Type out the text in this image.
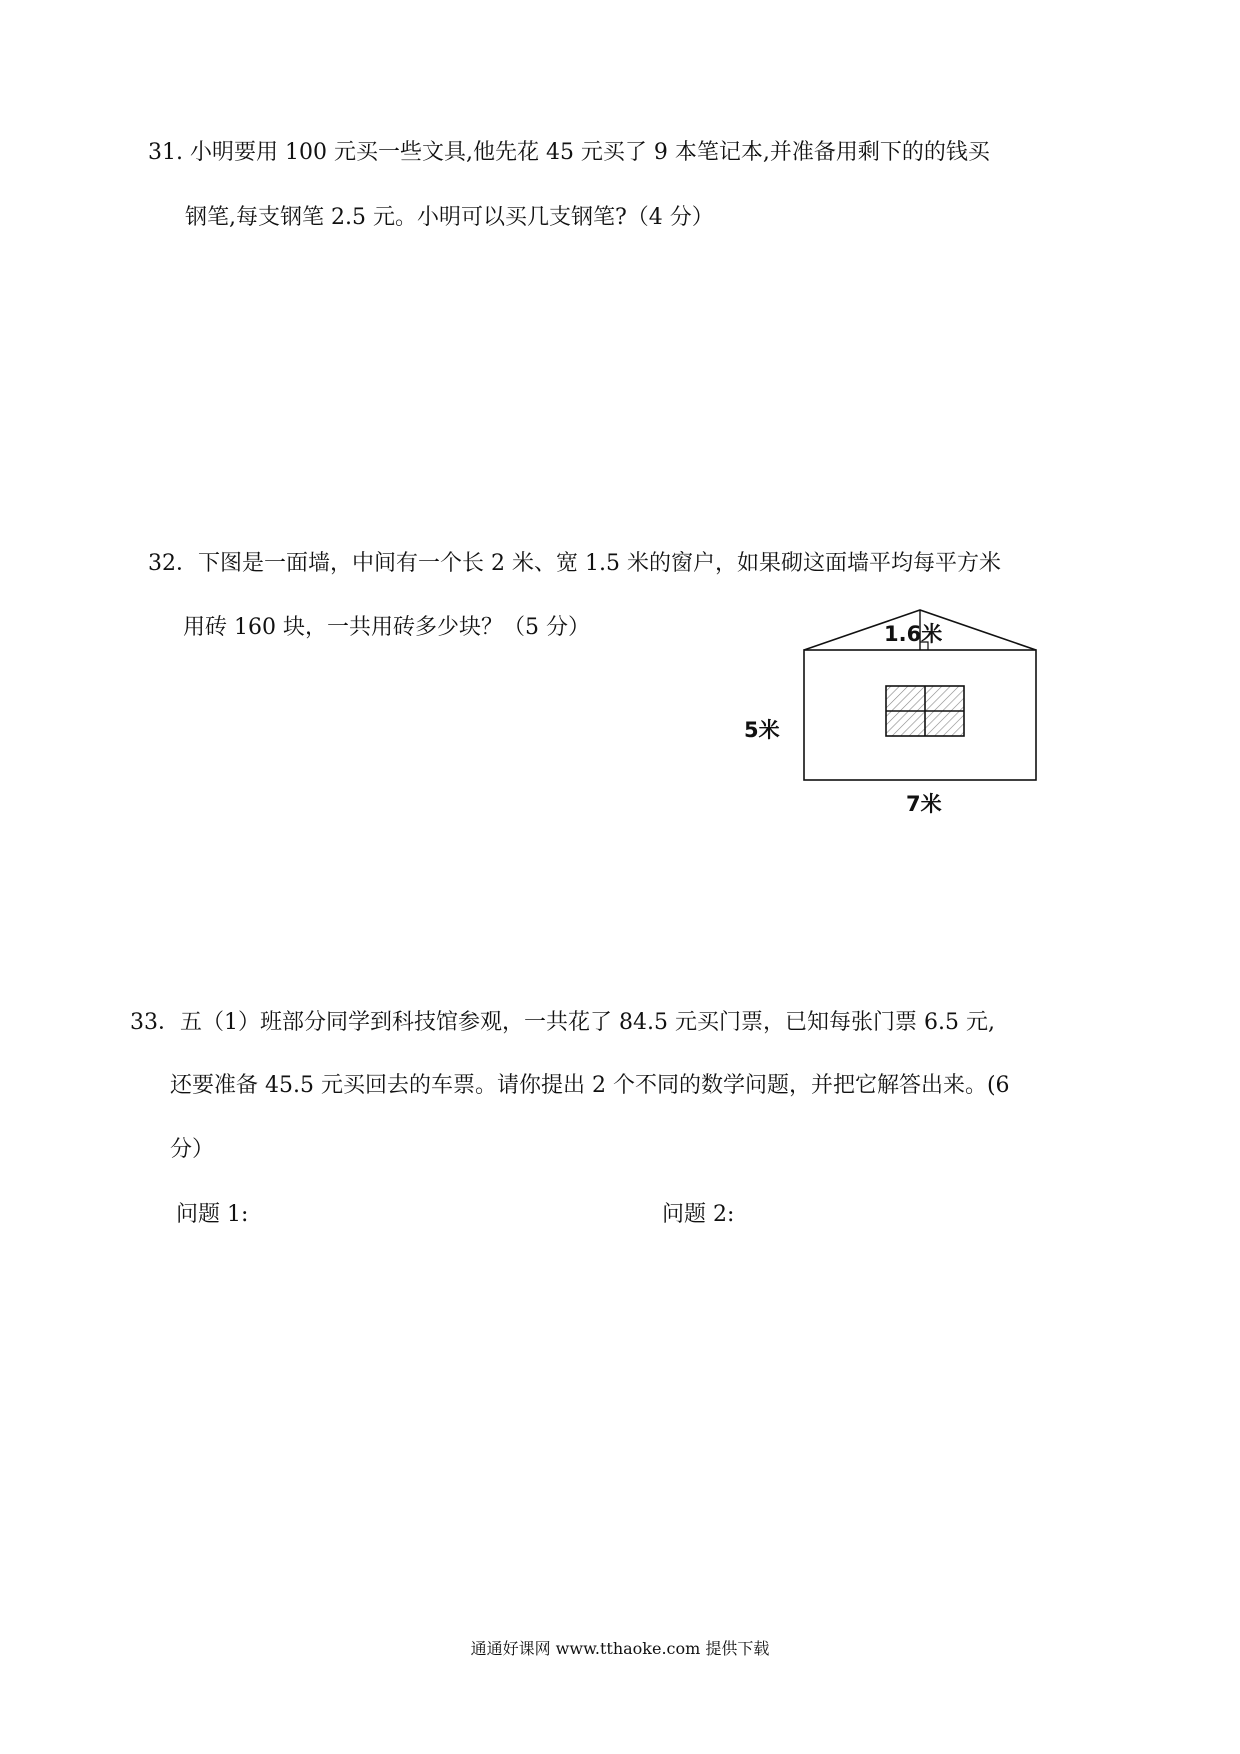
31. 小明要用 100 元买一些文具,他先花 45 元买了 9 本笔记本,并准备用剩下的的钱买
钢笔,每支钢笔 2.5 元。小明可以买几支钢笔?（4 分）
32．下图是一面墙，中间有一个长 2 米、宽 1.5 米的窗户，如果砌这面墙平均每平方米
用砖 160 块，一共用砖多少块？（5 分）	1.6米
5米
7米
33．五（1）班部分同学到科技馆参观，一共花了 84.5 元买门票，已知每张门票 6.5 元,
还要准备 45.5 元买回去的车票。请你提出 2 个不同的数学问题，并把它解答出来。(6
分）
问题 1:	问题 2:
通通好课网 www.tthaoke.com 提供下载
